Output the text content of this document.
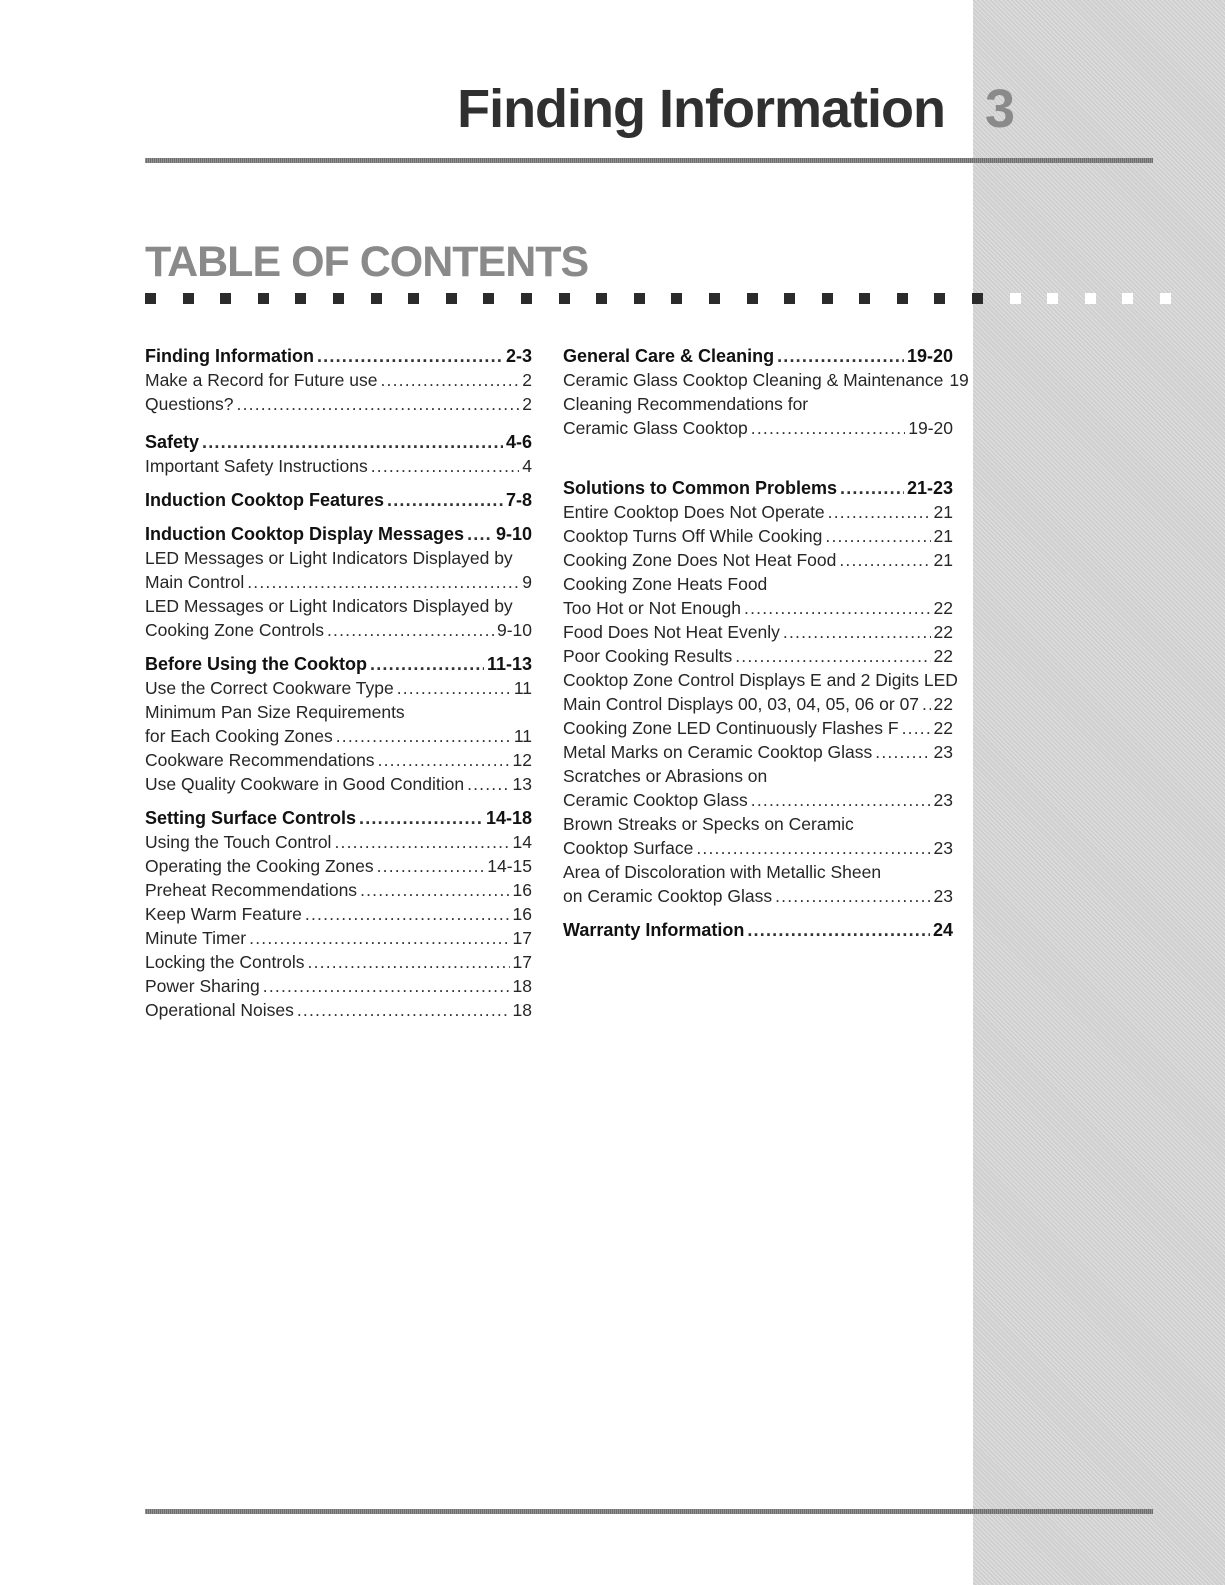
Finding Information 3
TABLE OF CONTENTS
Finding Information .....	2-3
Make a Record for Future use .....	2
Questions? .....	2
Safety .....	4-6
Important Safety Instructions .....	4
Induction Cooktop Features .....	7-8
Induction Cooktop Display Messages ..... 9-10
LED Messages or Light Indicators Displayed by
Main Control .....	9
LED Messages or Light Indicators Displayed by
Cooking Zone Controls .....	9-10
Before Using the Cooktop .....	11-13
Use the Correct Cookware Type .....	11
Minimum Pan Size Requirements
for Each Cooking Zones .....	11
Cookware Recommendations .....	12
Use Quality Cookware in Good Condition .....	13
Setting Surface Controls .....	14-18
Using the Touch Control .....	14
Operating the Cooking Zones .....	14-15
Preheat Recommendations .....	16
Keep Warm Feature .....	16
Minute Timer .....	17
Locking the Controls .....	17
Power Sharing .....	18
Operational Noises .....	18
General Care & Cleaning .....	19-20
Ceramic Glass Cooktop Cleaning & Maintenance 19
Cleaning Recommendations for
Ceramic Glass Cooktop .....	19-20
Solutions to Common Problems .....	21-23
Entire Cooktop Does Not Operate .....	21
Cooktop Turns Off While Cooking .....	21
Cooking Zone Does Not Heat Food .....	21
Cooking Zone Heats Food
Too Hot or Not Enough .....	22
Food Does Not Heat Evenly .....	22
Poor Cooking Results .....	22
Cooktop Zone Control Displays E and 2 Digits LED
Main Control Displays 00, 03, 04, 05, 06 or 07 ..... 22
Cooking Zone LED Continuously Flashes F ..... 22
Metal Marks on Ceramic Cooktop Glass .....	23
Scratches or Abrasions on
Ceramic Cooktop Glass .....	23
Brown Streaks or Specks on Ceramic
Cooktop Surface .....	23
Area of Discoloration with Metallic Sheen
on Ceramic Cooktop Glass .....	23
Warranty Information .....	24
